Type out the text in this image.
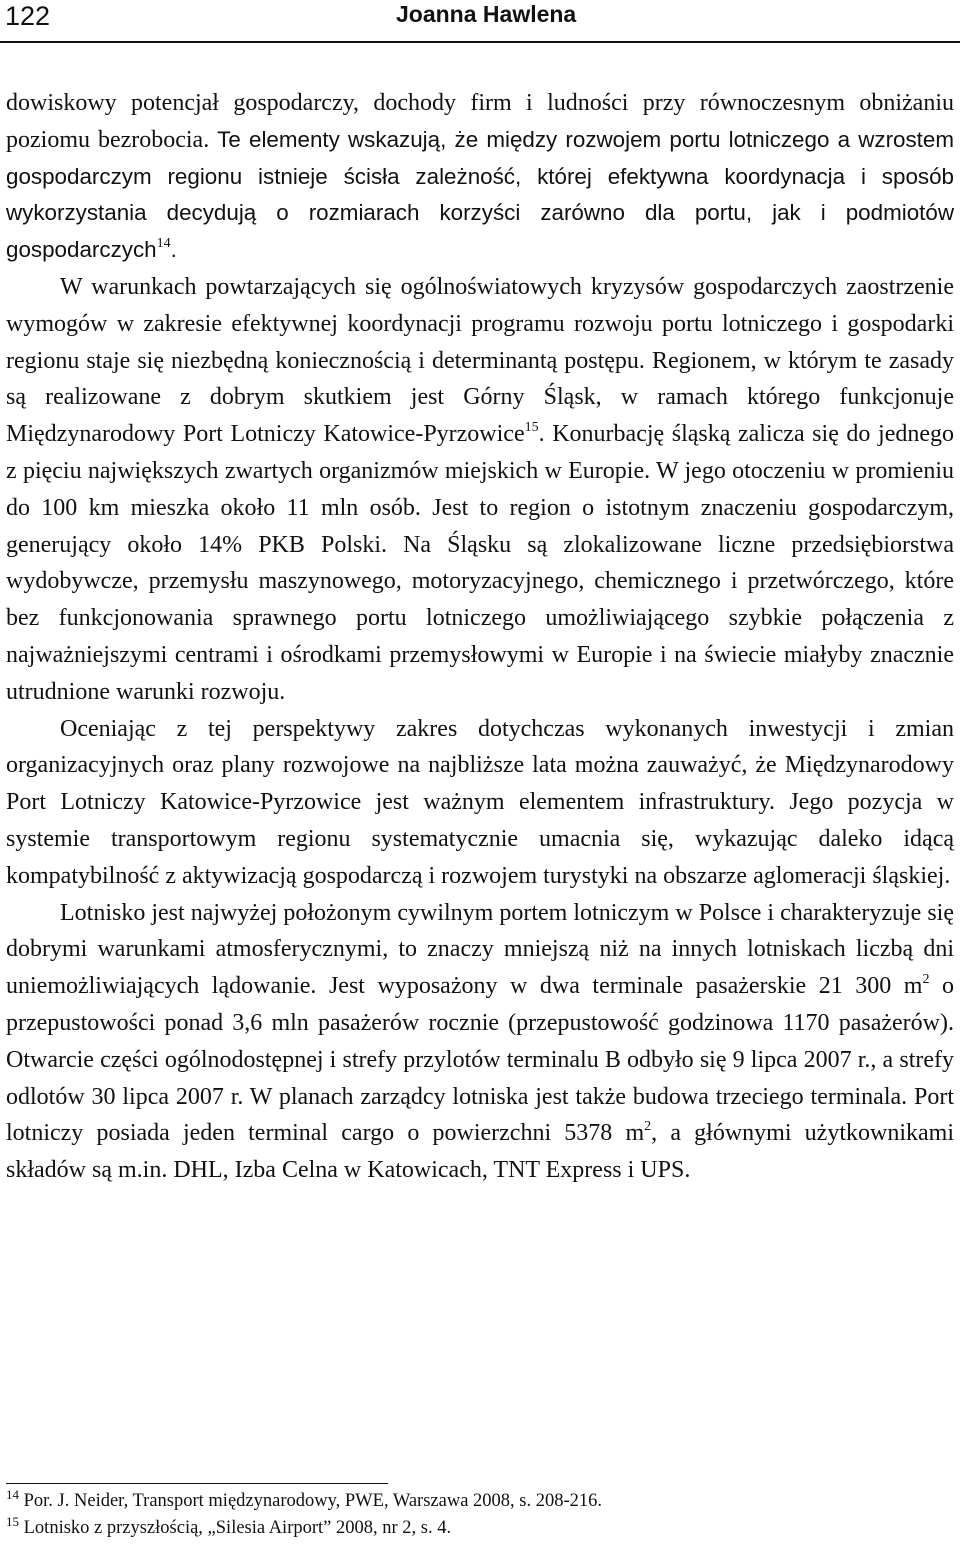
122	Joanna Hawlena

dowiskowy potencjał gospodarczy, dochody firm i ludności przy równoczesnym obniżaniu poziomu bezrobocia. Te elementy wskazują, że między rozwojem portu lotniczego a wzrostem gospodarczym regionu istnieje ścisła zależność, której efektywna koordynacja i sposób wykorzystania decydują o rozmiarach korzyści zarówno dla portu, jak i podmiotów gospodarczych$^{14}$.

W warunkach powtarzających się ogólnoświatowych kryzysów gospodarczych zaostrzenie wymogów w zakresie efektywnej koordynacji programu rozwoju portu lotniczego i gospodarki regionu staje się niezbędną koniecznością i determinantą postępu. Regionem, w którym te zasady są realizowane z dobrym skutkiem jest Górny Śląsk, w ramach którego funkcjonuje Międzynarodowy Port Lotniczy Katowice-Pyrzowice$^{15}$. Konurbację śląską zalicza się do jednego z pięciu największych zwartych organizmów miejskich w Europie. W jego otoczeniu w promieniu do 100 km mieszka około 11 mln osób. Jest to region o istotnym znaczeniu gospodarczym, generujący około 14% PKB Polski. Na Śląsku są zlokalizowane liczne przedsiębiorstwa wydobywcze, przemysłu maszynowego, motoryzacyjnego, chemicznego i przetwórczego, które bez funkcjonowania sprawnego portu lotniczego umożliwiającego szybkie połączenia z najważniejszymi centrami i ośrodkami przemysłowymi w Europie i na świecie miałyby znacznie utrudnione warunki rozwoju.

Oceniając z tej perspektywy zakres dotychczas wykonanych inwestycji i zmian organizacyjnych oraz plany rozwojowe na najbliższe lata można zauważyć, że Międzynarodowy Port Lotniczy Katowice-Pyrzowice jest ważnym elementem infrastruktury. Jego pozycja w systemie transportowym regionu systematycznie umacnia się, wykazując daleko idącą kompatybilność z aktywizacją gospodarczą i rozwojem turystyki na obszarze aglomeracji śląskiej.

Lotnisko jest najwyżej położonym cywilnym portem lotniczym w Polsce i charakteryzuje się dobrymi warunkami atmosferycznymi, to znaczy mniejszą niż na innych lotniskach liczbą dni uniemożliwiających lądowanie. Jest wyposażony w dwa terminale pasażerskie 21 300 $m^2$ o przepustowości ponad 3,6 mln pasażerów rocznie (przepustowość godzinowa 1170 pasażerów). Otwarcie części ogólnodostępnej i strefy przylotów terminalu B odbyło się 9 lipca 2007 r., a strefy odlotów 30 lipca 2007 r. W planach zarządcy lotniska jest także budowa trzeciego terminala. Port lotniczy posiada jeden terminal cargo o powierzchni 5378 $m^2$, a głównymi użytkownikami składów są m.in. DHL, Izba Celna w Katowicach, TNT Express i UPS.

$^{14}$ Por. J. Neider, Transport międzynarodowy, PWE, Warszawa 2008, s. 208-216.
$^{15}$ Lotnisko z przyszłością, „Silesia Airport” 2008, nr 2, s. 4.
